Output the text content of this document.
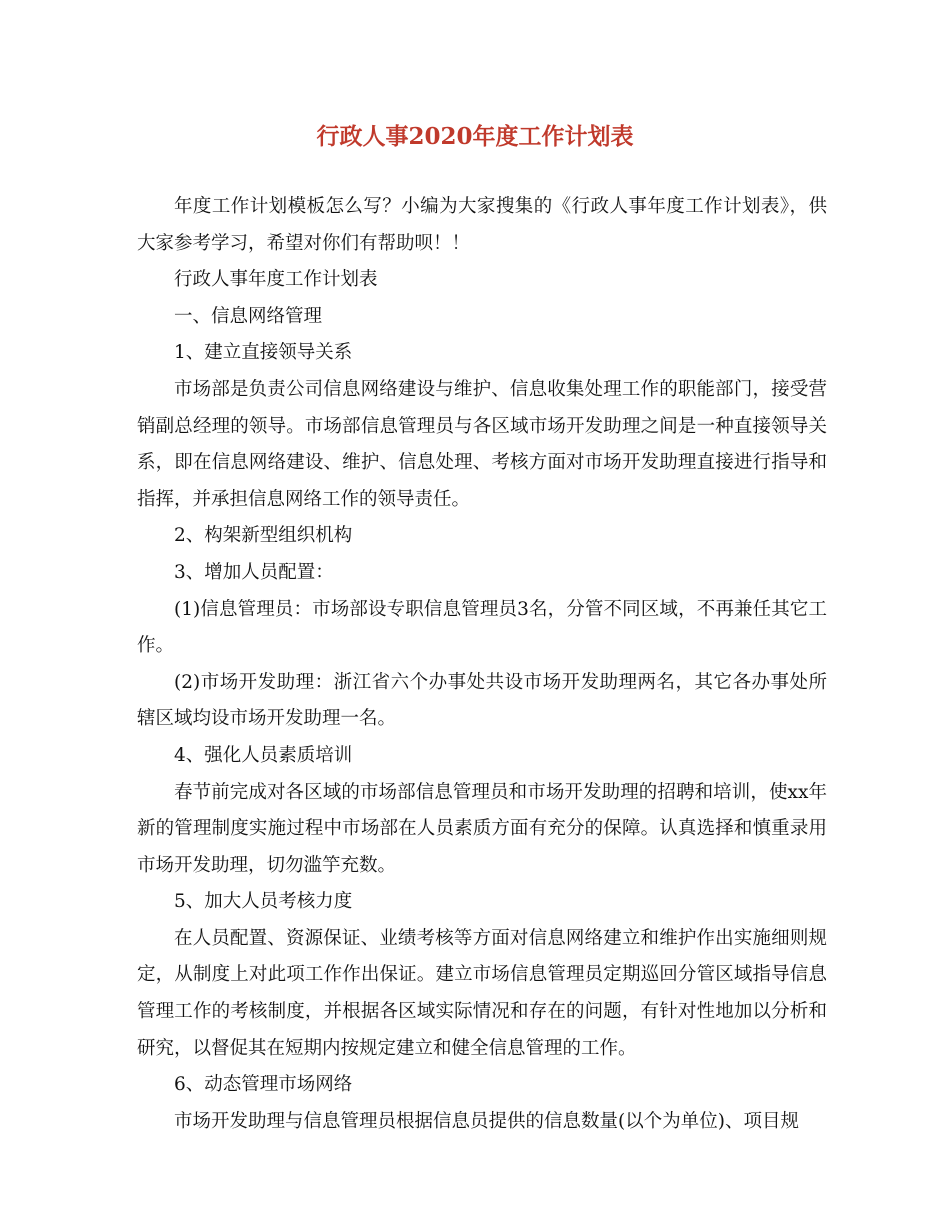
行政人事2020年度工作计划表

年度工作计划模板怎么写？小编为大家搜集的《行政人事年度工作计划表》，供大家参考学习，希望对你们有帮助呗！！

行政人事年度工作计划表

一、信息网络管理

1、建立直接领导关系

市场部是负责公司信息网络建设与维护、信息收集处理工作的职能部门，接受营销副总经理的领导。市场部信息管理员与各区域市场开发助理之间是一种直接领导关系，即在信息网络建设、维护、信息处理、考核方面对市场开发助理直接进行指导和指挥，并承担信息网络工作的领导责任。

2、构架新型组织机构

3、增加人员配置：

(1)信息管理员：市场部设专职信息管理员3名，分管不同区域，不再兼任其它工作。

(2)市场开发助理：浙江省六个办事处共设市场开发助理两名，其它各办事处所辖区域均设市场开发助理一名。

4、强化人员素质培训

春节前完成对各区域的市场部信息管理员和市场开发助理的招聘和培训，使xx年新的管理制度实施过程中市场部在人员素质方面有充分的保障。认真选择和慎重录用市场开发助理，切勿滥竽充数。

5、加大人员考核力度

在人员配置、资源保证、业绩考核等方面对信息网络建立和维护作出实施细则规定，从制度上对此项工作作出保证。建立市场信息管理员定期巡回分管区域指导信息管理工作的考核制度，并根据各区域实际情况和存在的问题，有针对性地加以分析和研究，以督促其在短期内按规定建立和健全信息管理的工作。

6、动态管理市场网络

市场开发助理与信息管理员根据信息员提供的信息数量(以个为单位)、项目规
